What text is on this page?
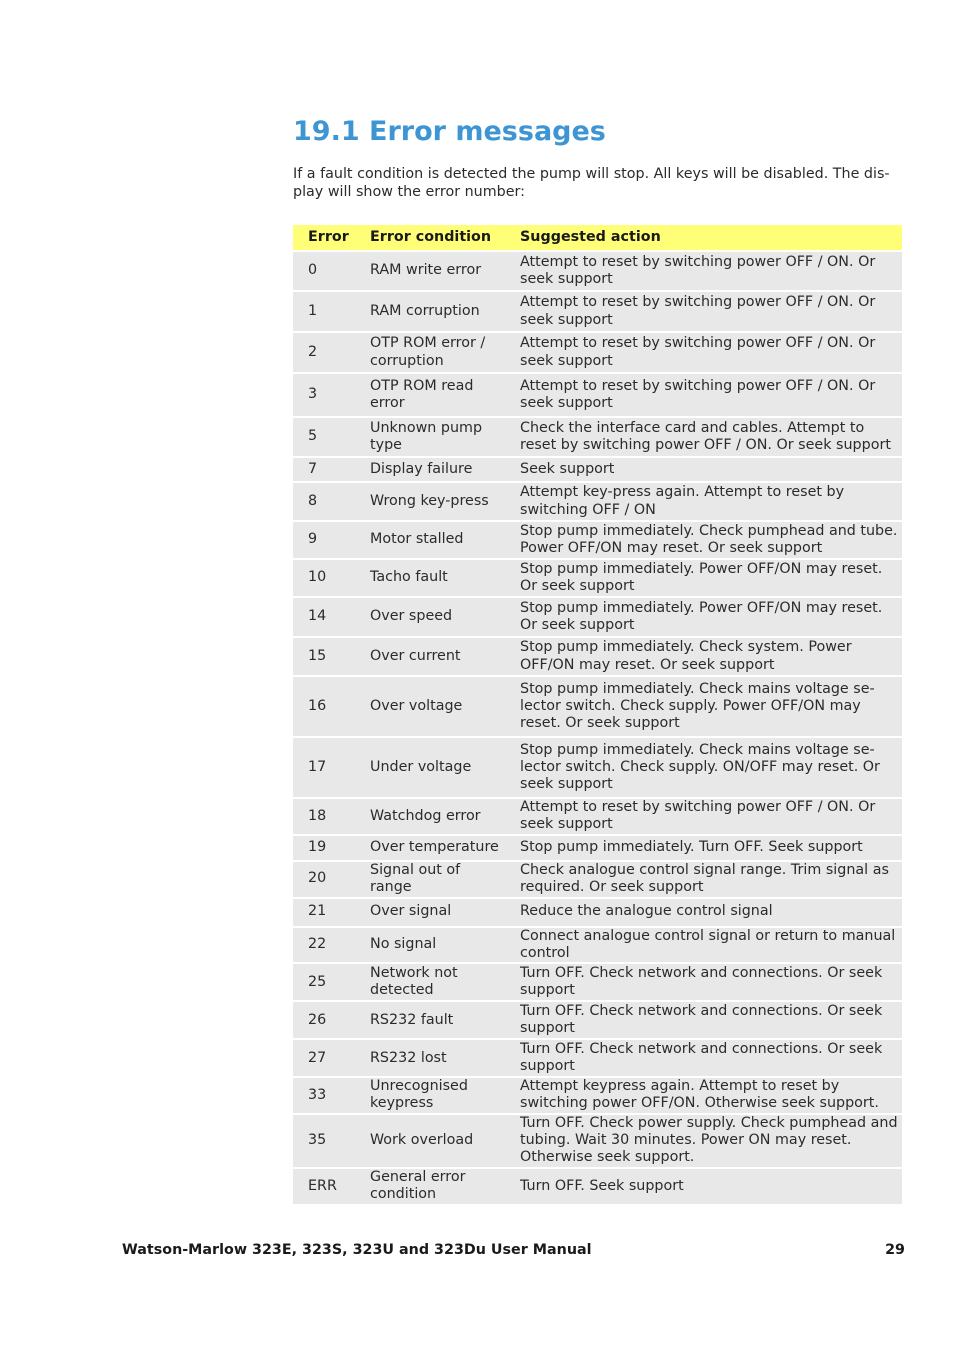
19.1 Error messages

If a fault condition is detected the pump will stop. All keys will be disabled. The dis-play will show the error number:

Error	Error condition	Suggested action
0	RAM write error	Attempt to reset by switching power OFF / ON. Or seek support
1	RAM corruption	Attempt to reset by switching power OFF / ON. Or seek support
2	OTP ROM error / corruption	Attempt to reset by switching power OFF / ON. Or seek support
3	OTP ROM read error	Attempt to reset by switching power OFF / ON. Or seek support
5	Unknown pump type	Check the interface card and cables. Attempt to reset by switching power OFF / ON. Or seek support
7	Display failure	Seek support
8	Wrong key-press	Attempt key-press again. Attempt to reset by switching OFF / ON
9	Motor stalled	Stop pump immediately. Check pumphead and tube. Power OFF/ON may reset. Or seek support
10	Tacho fault	Stop pump immediately. Power OFF/ON may reset. Or seek support
14	Over speed	Stop pump immediately. Power OFF/ON may reset. Or seek support
15	Over current	Stop pump immediately. Check system. Power OFF/ON may reset. Or seek support
16	Over voltage	Stop pump immediately. Check mains voltage se-lector switch. Check supply. Power OFF/ON may reset. Or seek support
17	Under voltage	Stop pump immediately. Check mains voltage se-lector switch. Check supply. ON/OFF may reset. Or seek support
18	Watchdog error	Attempt to reset by switching power OFF / ON. Or seek support
19	Over temperature	Stop pump immediately. Turn OFF. Seek support
20	Signal out of range	Check analogue control signal range. Trim signal as required. Or seek support
21	Over signal	Reduce the analogue control signal
22	No signal	Connect analogue control signal or return to manual control
25	Network not detected	Turn OFF. Check network and connections. Or seek support
26	RS232 fault	Turn OFF. Check network and connections. Or seek support
27	RS232 lost	Turn OFF. Check network and connections. Or seek support
33	Unrecognised keypress	Attempt keypress again. Attempt to reset by switching power OFF/ON. Otherwise seek support.
35	Work overload	Turn OFF. Check power supply. Check pumphead and tubing. Wait 30 minutes. Power ON may reset. Otherwise seek support.
ERR	General error condition	Turn OFF. Seek support
Watson-Marlow 323E, 323S, 323U and 323Du User Manual	29
